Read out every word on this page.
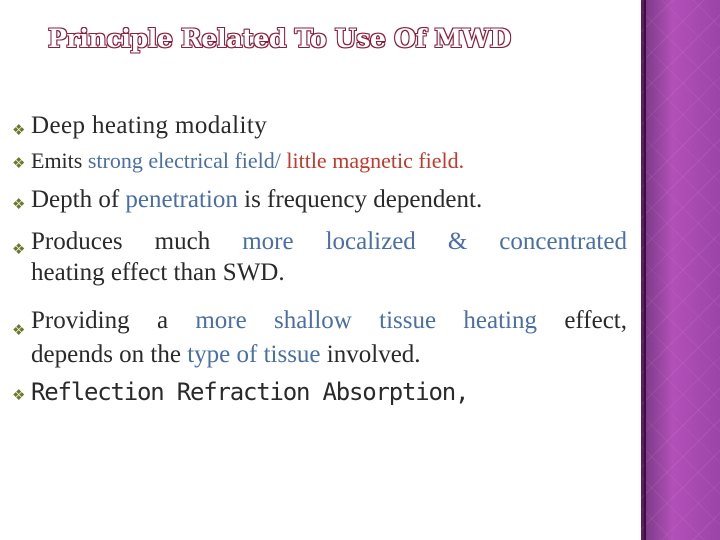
Principle Related To Use Of MWD
❖ Deep heating modality
❖ Emits strong electrical field/ little magnetic field.
❖ Depth of penetration is frequency dependent.
❖ Produces much more localized & concentrated
heating effect than SWD.
❖ Providing a more shallow tissue heating effect,
depends on the type of tissue involved.
❖ Reflection Refraction Absorption,
